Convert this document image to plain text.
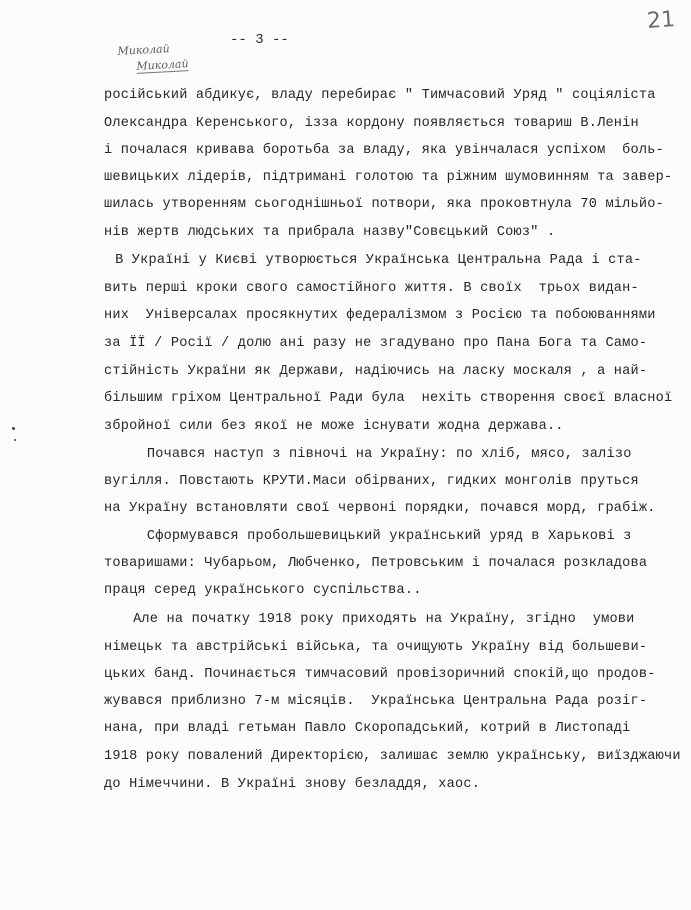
21
Миколай
Миколай
-- 3 --

російський абдикує, владу перебирає " Тимчасовий Уряд " соціяліста

Олександра Керенського, ізза кордону появляється товариш В.Ленін

і почалася кривава боротьба за владу, яка увінчалася успіхом  боль-

шевицьких лідерів, підтримані голотою та ріжним шумовинням та завер-

шилась утворенням сьогоднішньої потвори, яка проковтнула 70 мільйо-

нів жертв людських та прибрала назву"Совєцький Союз" .

В Україні у Києві утворюється Українська Центральна Рада і ста-

вить перші кроки свого самостійного життя. В своїх  трьох видан-

них  Універсалах просякнутих федералізмом з Росією та побоюваннями

за ЇЇ / Росії / долю ані разу не згадувано про Пана Бога та Само-

стійність України як Держави, надіючись на ласку москаля , а най-

більшим гріхом Центральної Ради була  нехіть створення своєї власної

збройної сили без якої не може існувати жодна держава..

Почався наступ з півночі на Україну: по хліб, мясо, залізо

вугілля. Повстають КРУТИ.Маси обірваних, гидких монголів пруться

на Україну встановляти свої червоні порядки, почався морд, грабіж.

Сформувався пробольшевицький український уряд в Харькові з

товаришами: Чубарьом, Любченко, Петровським і почалася розкладова

праця серед українського суспільства..

Але на початку 1918 року приходять на Україну, згідно  умови

німецьк та австрійські війська, та очищують Україну від большеви-

цьких банд. Починається тимчасовий провізоричний спокій,що продов-

жувався приблизно 7-м місяців.  Українська Центральна Рада розіг-

нана, при владі гетьман Павло Скоропадський, котрий в Листопаді

1918 року повалений Директорією, залишає землю українську, виїзджаючи

до Німеччини. В Україні знову безладдя, хаос.
